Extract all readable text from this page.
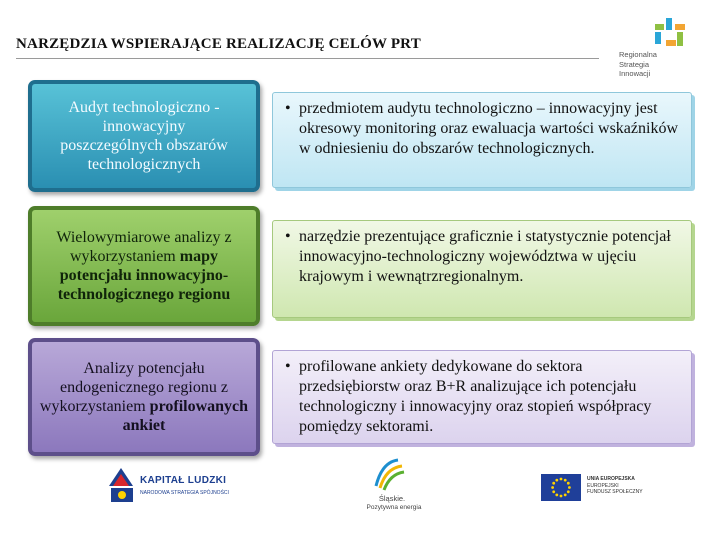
NARZĘDZIA WSPIERAJĄCE REALIZACJĘ CELÓW PRT
Regionalna
Strategia
Innowacji
Audyt technologiczno -
innowacyjny
poszczególnych obszarów
technologicznych
• przedmiotem audytu technologiczno – innowacyjny jest okresowy monitoring oraz ewaluacja wartości wskaźników w odniesieniu do obszarów technologicznych.
Wielowymiarowe analizy z wykorzystaniem mapy potencjału innowacyjno-technologicznego regionu
• narzędzie prezentujące graficznie i statystycznie potencjał innowacyjno-technologiczny województwa w ujęciu krajowym i wewnątrzregionalnym.
Analizy potencjału endogenicznego regionu z wykorzystaniem profilowanych ankiet
• profilowane ankiety dedykowane do sektora przedsiębiorstw oraz B+R analizujące ich potencjału technologiczny i innowacyjny oraz stopień współpracy pomiędzy sektorami.
KAPITAŁ LUDZKI
NARODOWA STRATEGIA SPÓJNOŚCI
Śląskie.
Pozytywna energia
UNIA EUROPEJSKA
EUROPEJSKI
FUNDUSZ SPOŁECZNY
